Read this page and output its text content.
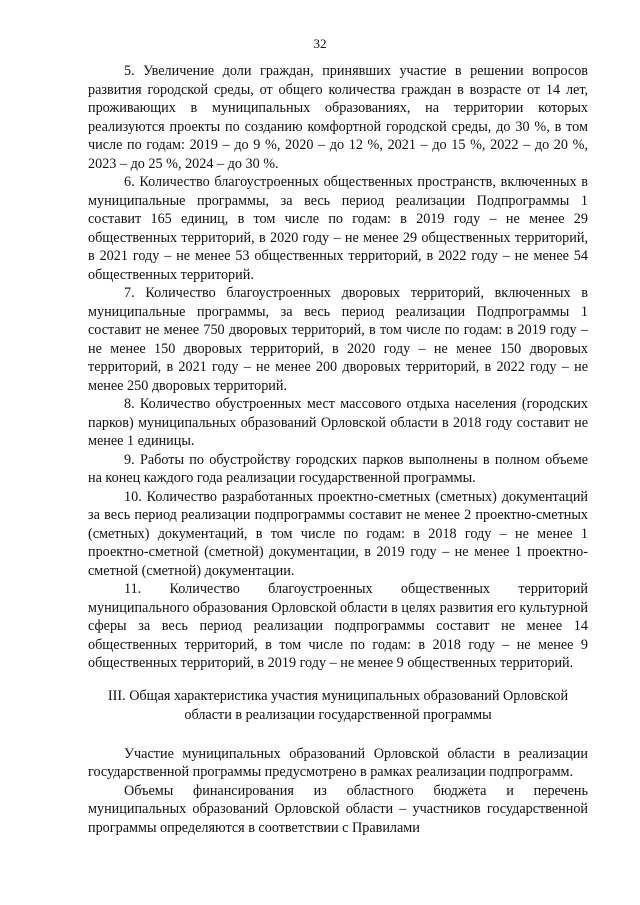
32

5. Увеличение доли граждан, принявших участие в решении вопросов развития городской среды, от общего количества граждан в возрасте от 14 лет, проживающих в муниципальных образованиях, на территории которых реализуются проекты по созданию комфортной городской среды, до 30 %, в том числе по годам: 2019 – до 9 %, 2020 – до 12 %, 2021 – до 15 %, 2022 – до 20 %, 2023 – до 25 %, 2024 – до 30 %.

6. Количество благоустроенных общественных пространств, включенных в муниципальные программы, за весь период реализации Подпрограммы 1 составит 165 единиц, в том числе по годам: в 2019 году – не менее 29 общественных территорий, в 2020 году – не менее 29 общественных территорий, в 2021 году – не менее 53 общественных территорий, в 2022 году – не менее 54 общественных территорий.

7. Количество благоустроенных дворовых территорий, включенных в муниципальные программы, за весь период реализации Подпрограммы 1 составит не менее 750 дворовых территорий, в том числе по годам: в 2019 году – не менее 150 дворовых территорий, в 2020 году – не менее 150 дворовых территорий, в 2021 году – не менее 200 дворовых территорий, в 2022 году – не менее 250 дворовых территорий.

8. Количество обустроенных мест массового отдыха населения (городских парков) муниципальных образований Орловской области в 2018 году составит не менее 1 единицы.

9. Работы по обустройству городских парков выполнены в полном объеме на конец каждого года реализации государственной программы.

10. Количество разработанных проектно-сметных (сметных) документаций за весь период реализации подпрограммы составит не менее 2 проектно-сметных (сметных) документаций, в том числе по годам: в 2018 году – не менее 1 проектно-сметной (сметной) документации, в 2019 году – не менее 1 проектно-сметной (сметной) документации.

11. Количество благоустроенных общественных территорий муниципального образования Орловской области в целях развития его культурной сферы за весь период реализации подпрограммы составит не менее 14 общественных территорий, в том числе по годам: в 2018 году – не менее 9 общественных территорий, в 2019 году – не менее 9 общественных территорий.

III. Общая характеристика участия муниципальных образований Орловской области в реализации государственной программы

Участие муниципальных образований Орловской области в реализации государственной программы предусмотрено в рамках реализации подпрограмм.

Объемы финансирования из областного бюджета и перечень муниципальных образований Орловской области – участников государственной программы определяются в соответствии с Правилами
